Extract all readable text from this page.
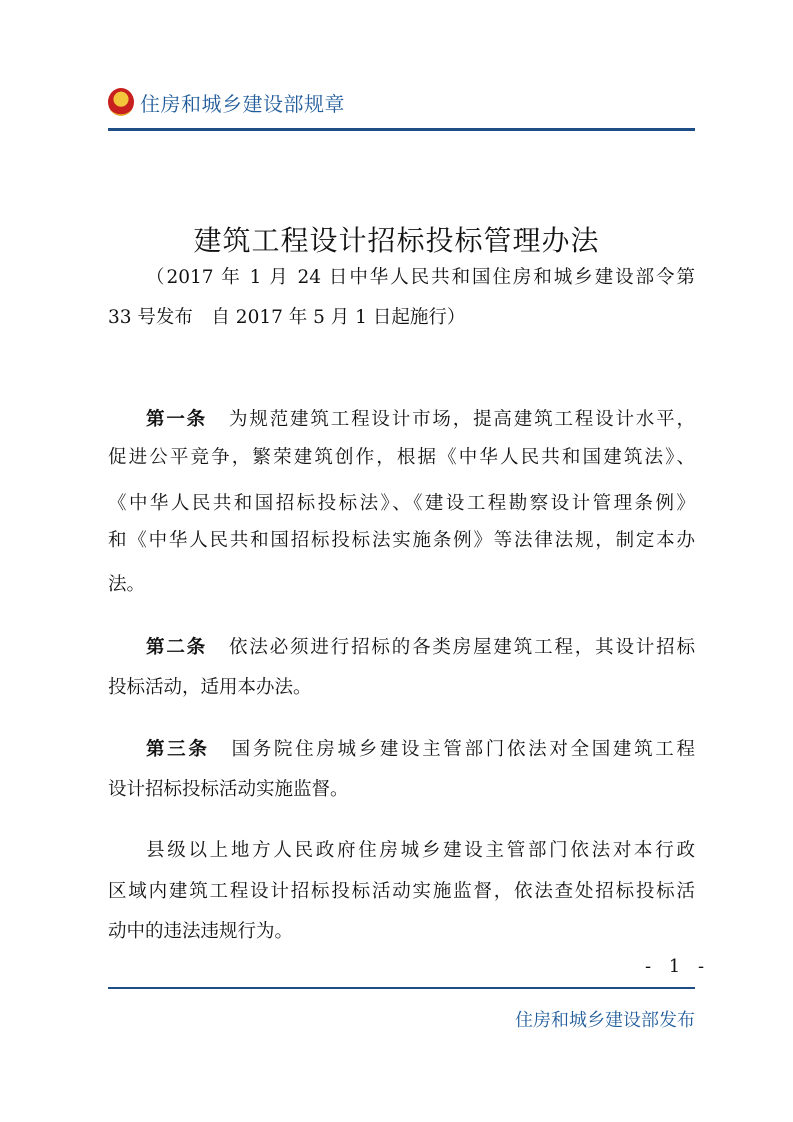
住房和城乡建设部规章
建筑工程设计招标投标管理办法
（2017 年 1 月 24 日中华人民共和国住房和城乡建设部令第
33 号发布　自 2017 年 5 月 1 日起施行）
第一条 为规范建筑工程设计市场，提高建筑工程设计水平，
促进公平竞争，繁荣建筑创作，根据《中华人民共和国建筑法》、
《中华人民共和国招标投标法》、《建设工程勘察设计管理条例》
和《中华人民共和国招标投标法实施条例》等法律法规，制定本办
法。
第二条 依法必须进行招标的各类房屋建筑工程，其设计招标
投标活动，适用本办法。
第三条 国务院住房城乡建设主管部门依法对全国建筑工程
设计招标投标活动实施监督。
县级以上地方人民政府住房城乡建设主管部门依法对本行政
区域内建筑工程设计招标投标活动实施监督，依法查处招标投标活
动中的违法违规行为。
- 1 -
住房和城乡建设部发布
